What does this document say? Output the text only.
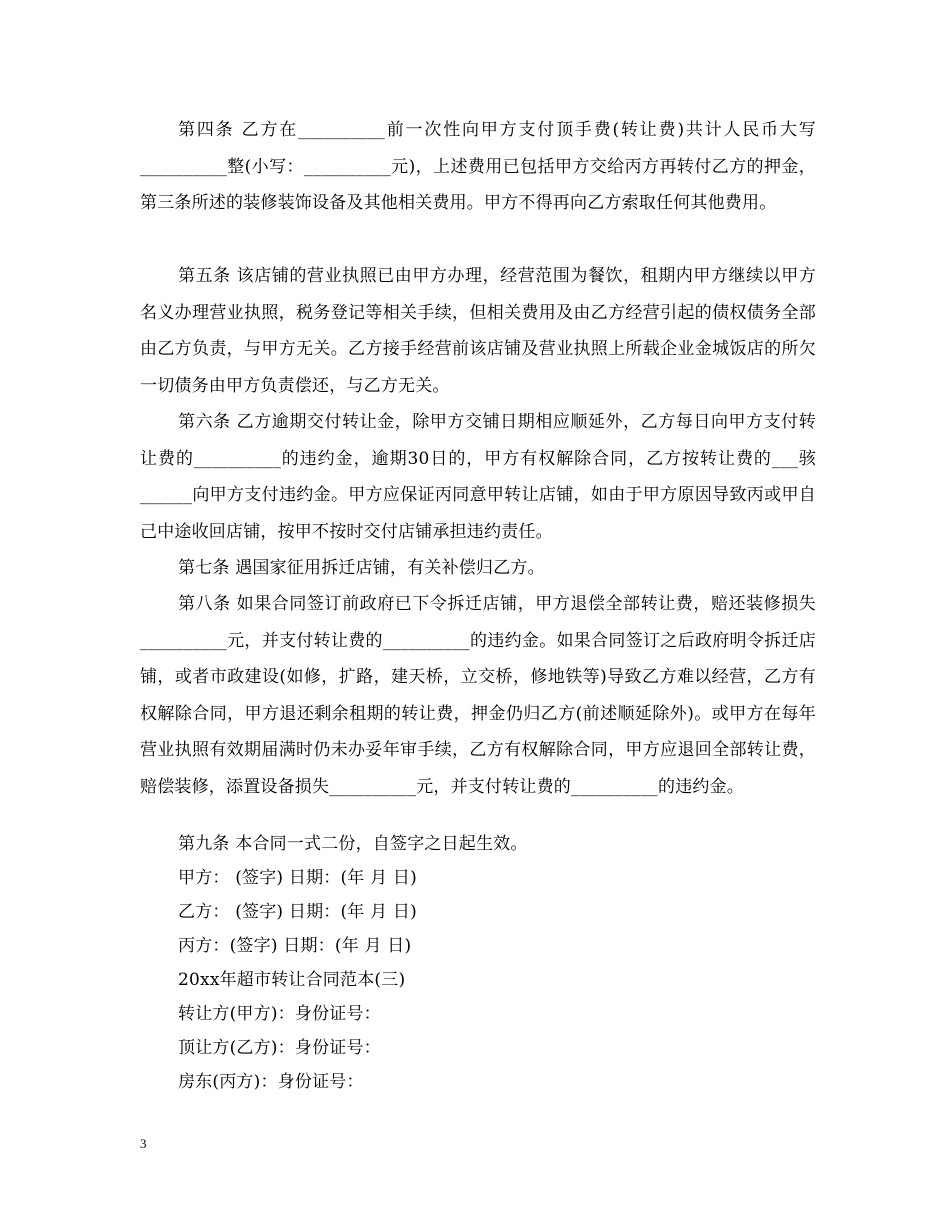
第四条 乙方在__________前一次性向甲方支付顶手费(转让费)共计人民币大写__________整(小写：__________元)，上述费用已包括甲方交给丙方再转付乙方的押金，第三条所述的装修装饰设备及其他相关费用。甲方不得再向乙方索取任何其他费用。

第五条 该店铺的营业执照已由甲方办理，经营范围为餐饮，租期内甲方继续以甲方名义办理营业执照，税务登记等相关手续，但相关费用及由乙方经营引起的债权债务全部由乙方负责，与甲方无关。乙方接手经营前该店铺及营业执照上所载企业金城饭店的所欠一切债务由甲方负责偿还，与乙方无关。

第六条 乙方逾期交付转让金，除甲方交铺日期相应顺延外，乙方每日向甲方支付转让费的__________的违约金，逾期30日的，甲方有权解除合同，乙方按转让费的___骇______向甲方支付违约金。甲方应保证丙同意甲转让店铺，如由于甲方原因导致丙或甲自己中途收回店铺，按甲不按时交付店铺承担违约责任。

第七条 遇国家征用拆迁店铺，有关补偿归乙方。

第八条 如果合同签订前政府已下令拆迁店铺，甲方退偿全部转让费，赔还装修损失__________元，并支付转让费的__________的违约金。如果合同签订之后政府明令拆迁店铺，或者市政建设(如修，扩路，建天桥，立交桥，修地铁等)导致乙方难以经营，乙方有权解除合同，甲方退还剩余租期的转让费，押金仍归乙方(前述顺延除外)。或甲方在每年营业执照有效期届满时仍未办妥年审手续，乙方有权解除合同，甲方应退回全部转让费，赔偿装修，添置设备损失__________元，并支付转让费的__________的违约金。

第九条 本合同一式二份，自签字之日起生效。

甲方： (签字) 日期：(年 月 日)

乙方： (签字) 日期：(年 月 日)

丙方：(签字) 日期：(年 月 日)

20xx年超市转让合同范本(三)

转让方(甲方)：身份证号：

顶让方(乙方)：身份证号：

房东(丙方)：身份证号：

3
